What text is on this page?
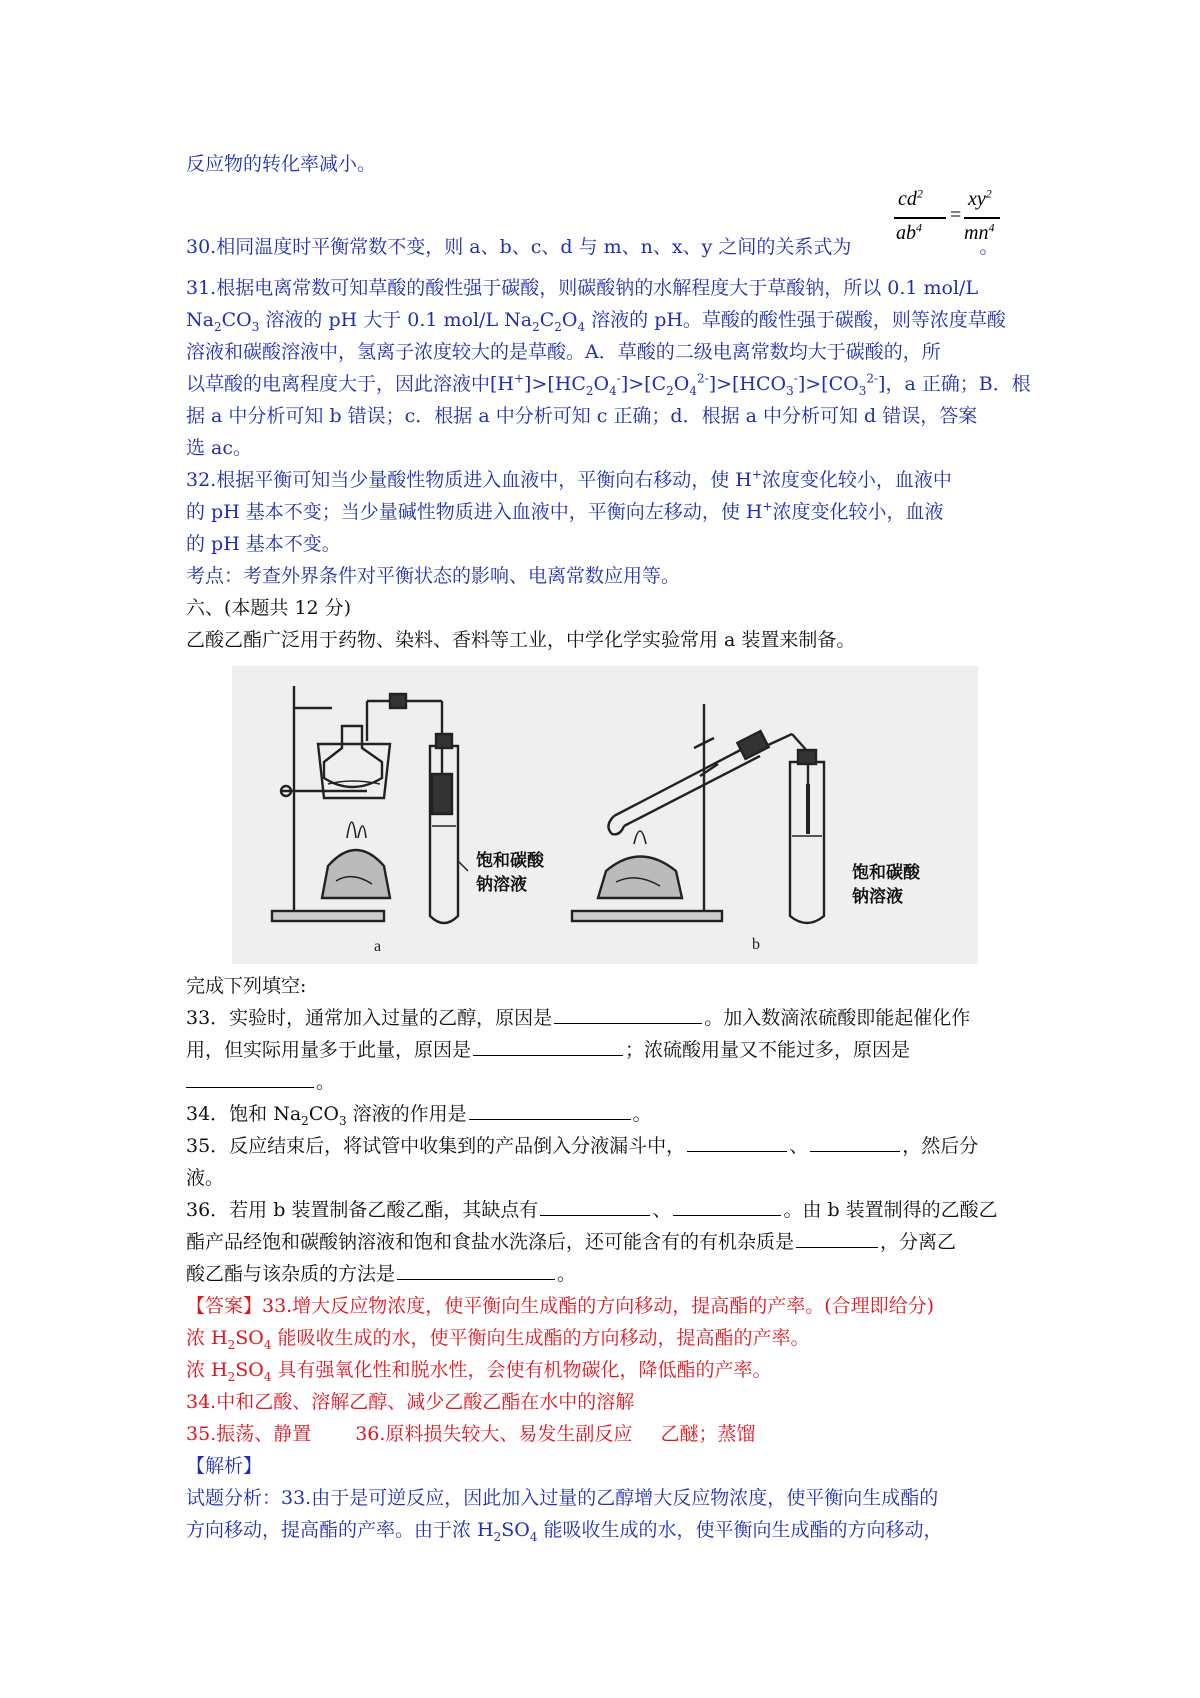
反应物的转化率减小。
$cd^2$
$ab^4$
=
$xy^2$
$mn^4$
30.相同温度时平衡常数不变，则 a、b、c、d 与 m、n、x、y 之间的关系式为	。
31.根据电离常数可知草酸的酸性强于碳酸，则碳酸钠的水解程度大于草酸钠，所以 0.1 mol/L
$Na_2CO_3$ 溶液的 pH 大于 0.1 mol/L $Na_2C_2O_4$ 溶液的 pH。草酸的酸性强于碳酸，则等浓度草酸
溶液和碳酸溶液中，氢离子浓度较大的是草酸。A．草酸的二级电离常数均大于碳酸的，所
以草酸的电离程度大于，因此溶液中$[H^+]>[HC_2O_4^-]>[C_2O_4^{2-}]>[HCO_3^-]>[CO_3^{2-}]$，a 正确；B．根
据 a 中分析可知 b 错误；c．根据 a 中分析可知 c 正确；d．根据 a 中分析可知 d 错误，答案
选 ac。
32.根据平衡可知当少量酸性物质进入血液中，平衡向右移动，使 H+浓度变化较小，血液中
的 pH 基本不变；当少量碱性物质进入血液中，平衡向左移动，使 H+浓度变化较小，血液
的 pH 基本不变。
考点：考查外界条件对平衡状态的影响、电离常数应用等。
六、(本题共 12 分)
乙酸乙酯广泛用于药物、染料、香料等工业，中学化学实验常用 a 装置来制备。
饱和碳酸
钠溶液
饱和碳酸
钠溶液
a	b
完成下列填空:
33．实验时，通常加入过量的乙醇，原因是	。加入数滴浓硫酸即能起催化作
用，但实际用量多于此量，原因是	；浓硫酸用量又不能过多，原因是
。
34．饱和 $Na_2CO_3$ 溶液的作用是	。
35．反应结束后，将试管中收集到的产品倒入分液漏斗中，	、	，然后分
液。
36．若用 b 装置制备乙酸乙酯，其缺点有	、	。由 b 装置制得的乙酸乙
酯产品经饱和碳酸钠溶液和饱和食盐水洗涤后，还可能含有的有机杂质是	，分离乙
酸乙酯与该杂质的方法是	。
【答案】33.增大反应物浓度，使平衡向生成酯的方向移动，提高酯的产率。(合理即给分)
浓 $H_2SO_4$ 能吸收生成的水，使平衡向生成酯的方向移动，提高酯的产率。
浓 $H_2SO_4$ 具有强氧化性和脱水性，会使有机物碳化，降低酯的产率。
34.中和乙酸、溶解乙醇、减少乙酸乙酯在水中的溶解
35.振荡、静置 36.原料损失较大、易发生副反应 乙醚；蒸馏
【解析】
试题分析：33.由于是可逆反应，因此加入过量的乙醇增大反应物浓度，使平衡向生成酯的
方向移动，提高酯的产率。由于浓 $H_2SO_4$ 能吸收生成的水，使平衡向生成酯的方向移动，
